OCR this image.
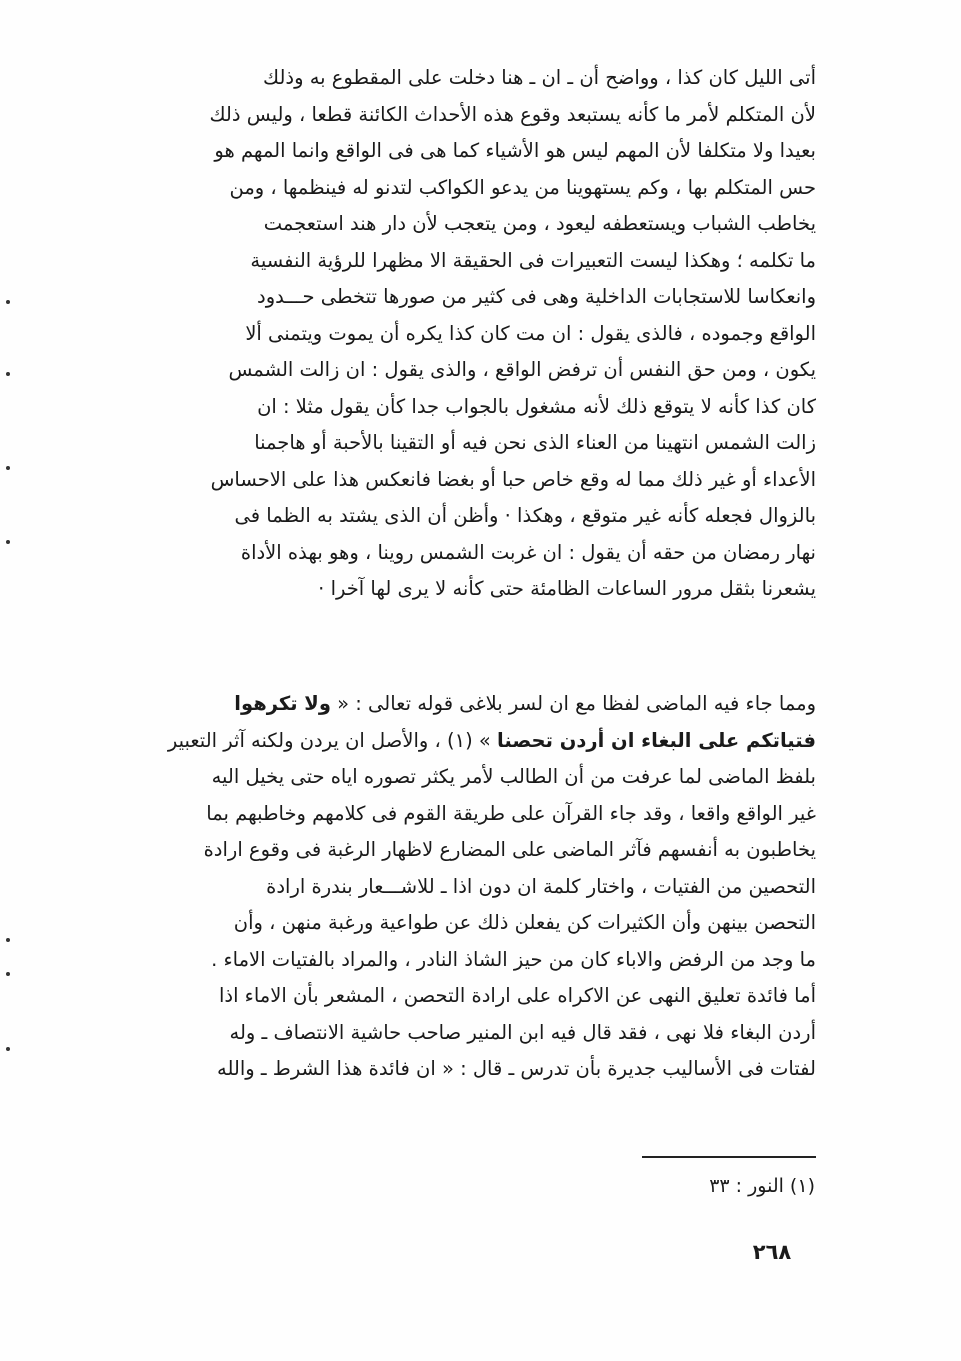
أتى الليل كان كذا ، وواضح أن ـ ان ـ هنا دخلت على المقطوع به وذلك
لأن المتكلم لأمر ما كأنه يستبعد وقوع هذه الأحداث الكائنة قطعا ، وليس ذلك
بعيدا ولا متكلفا لأن المهم ليس هو الأشياء كما هى فى الواقع وانما المهم هو
حس المتكلم بها ، وكم يستهوينا من يدعو الكواكب لتدنو له فينظمها ، ومن
يخاطب الشباب ويستعطفه ليعود ، ومن يتعجب لأن دار هند استعجمت
ما تكلمه ؛ وهكذا ليست التعبيرات فى الحقيقة الا مظهرا للرؤية النفسية
وانعكاسا للاستجابات الداخلية وهى فى كثير من صورها تتخطى حـــدود
الواقع وجموده ، فالذى يقول : ان مت كان كذا يكره أن يموت ويتمنى ألا
يكون ، ومن حق النفس أن ترفض الواقع ، والذى يقول : ان زالت الشمس
كان كذا كأنه لا يتوقع ذلك لأنه مشغول بالجواب جدا كأن يقول مثلا : ان
زالت الشمس انتهينا من العناء الذى نحن فيه أو التقينا بالأحبة أو هاجمنا
الأعداء أو غير ذلك مما له وقع خاص حبا أو بغضا فانعكس هذا على الاحساس
بالزوال فجعله كأنه غير متوقع ، وهكذا · وأظن أن الذى يشتد به الظما فى
نهار رمضان من حقه أن يقول : ان غربت الشمس روينا ، وهو بهذه الأداة
يشعرنا بثقل مرور الساعات الظامئة حتى كأنه لا يرى لها آخرا ·
ومما جاء فيه الماضى لفظا مع ان لسر بلاغى قوله تعالى : « ولا تكرهوا
فتياتكم على البغاء ان أردن تحصنا » (١) ، والأصل ان يردن ولكنه آثر التعبير
بلفظ الماضى لما عرفت من أن الطالب لأمر يكثر تصوره اياه حتى يخيل اليه
غير الواقع واقعا ، وقد جاء القرآن على طريقة القوم فى كلامهم وخاطبهم بما
يخاطبون به أنفسهم فآثر الماضى على المضارع لاظهار الرغبة فى وقوع ارادة
التحصين من الفتيات ، واختار كلمة ان دون اذا ـ للاشـــعار بندرة ارادة
التحصن بينهن وأن الكثيرات كن يفعلن ذلك عن طواعية ورغبة منهن ، وأن
ما وجد من الرفض والاباء كان من حيز الشاذ النادر ، والمراد بالفتيات الاماء .
أما فائدة تعليق النهى عن الاكراه على ارادة التحصن ، المشعر بأن الاماء اذا
أردن البغاء فلا نهى ، فقد قال فيه ابن المنير صاحب حاشية الانتصاف ـ وله
لفتات فى الأساليب جديرة بأن تدرس ـ قال : « ان فائدة هذا الشرط ـ والله
(١) النور : ٣٣
٢٦٨
